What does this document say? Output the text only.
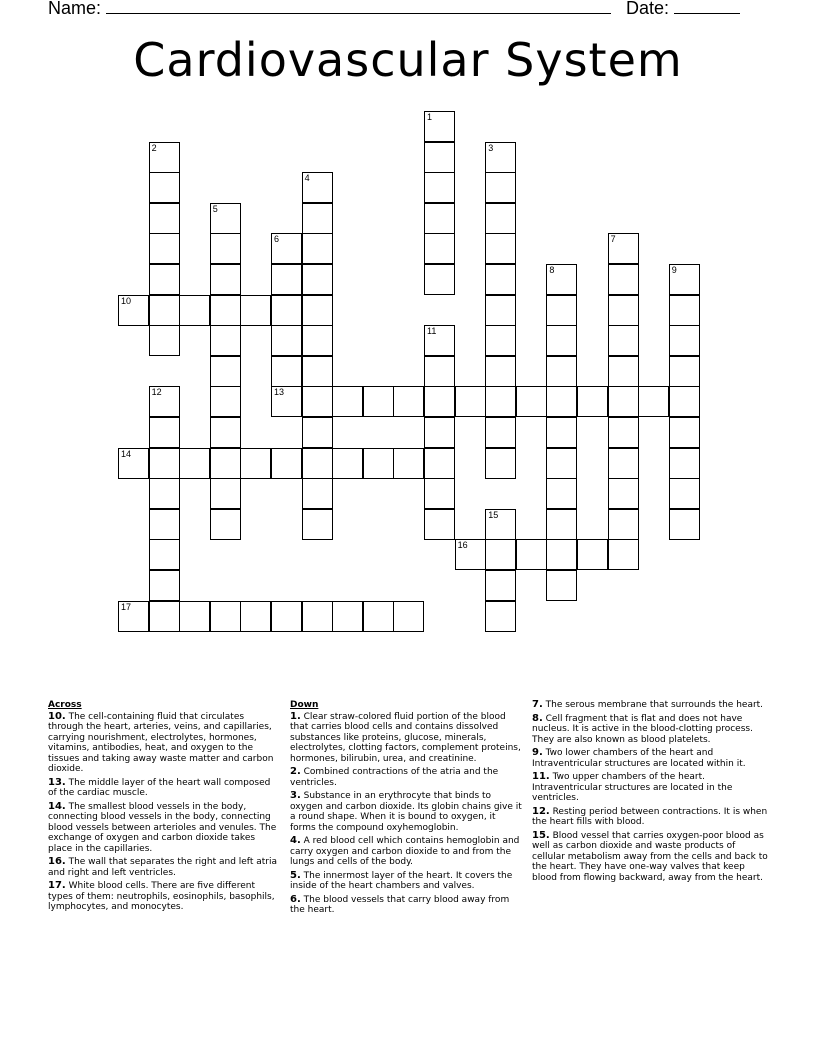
Name:	Date:
Cardiovascular System
1
2
5
4
6
13
3
7
8	9
10
11
12
14
15
16
17
Across
10. The cell-containing fluid that circulates through the heart, arteries, veins, and capillaries, carrying nourishment, electrolytes, hormones, vitamins, antibodies, heat, and oxygen to the tissues and taking away waste matter and carbon dioxide.
13. The middle layer of the heart wall composed of the cardiac muscle.
14. The smallest blood vessels in the body, connecting blood vessels in the body, connecting blood vessels between arterioles and venules. The exchange of oxygen and carbon dioxide takes place in the capillaries.
16. The wall that separates the right and left atria and right and left ventricles.
17. White blood cells. There are five different types of them: neutrophils, eosinophils, basophils, lymphocytes, and monocytes.
Down
1. Clear straw-colored fluid portion of the blood that carries blood cells and contains dissolved substances like proteins, glucose, minerals, electrolytes, clotting factors, complement proteins, hormones, bilirubin, urea, and creatinine.
2. Combined contractions of the atria and the ventricles.
3. Substance in an erythrocyte that binds to oxygen and carbon dioxide. Its globin chains give it a round shape. When it is bound to oxygen, it forms the compound oxyhemoglobin.
4. A red blood cell which contains hemoglobin and carry oxygen and carbon dioxide to and from the lungs and cells of the body.
5. The innermost layer of the heart. It covers the inside of the heart chambers and valves.
6. The blood vessels that carry blood away from the heart.
7. The serous membrane that surrounds the heart.
8. Cell fragment that is flat and does not have nucleus. It is active in the blood-clotting process. They are also known as blood platelets.
9. Two lower chambers of the heart and Intraventricular structures are located within it.
11. Two upper chambers of the heart. Intraventricular structures are located in the ventricles.
12. Resting period between contractions. It is when the heart fills with blood.
15. Blood vessel that carries oxygen-poor blood as well as carbon dioxide and waste products of cellular metabolism away from the cells and back to the heart. They have one-way valves that keep blood from flowing backward, away from the heart.
